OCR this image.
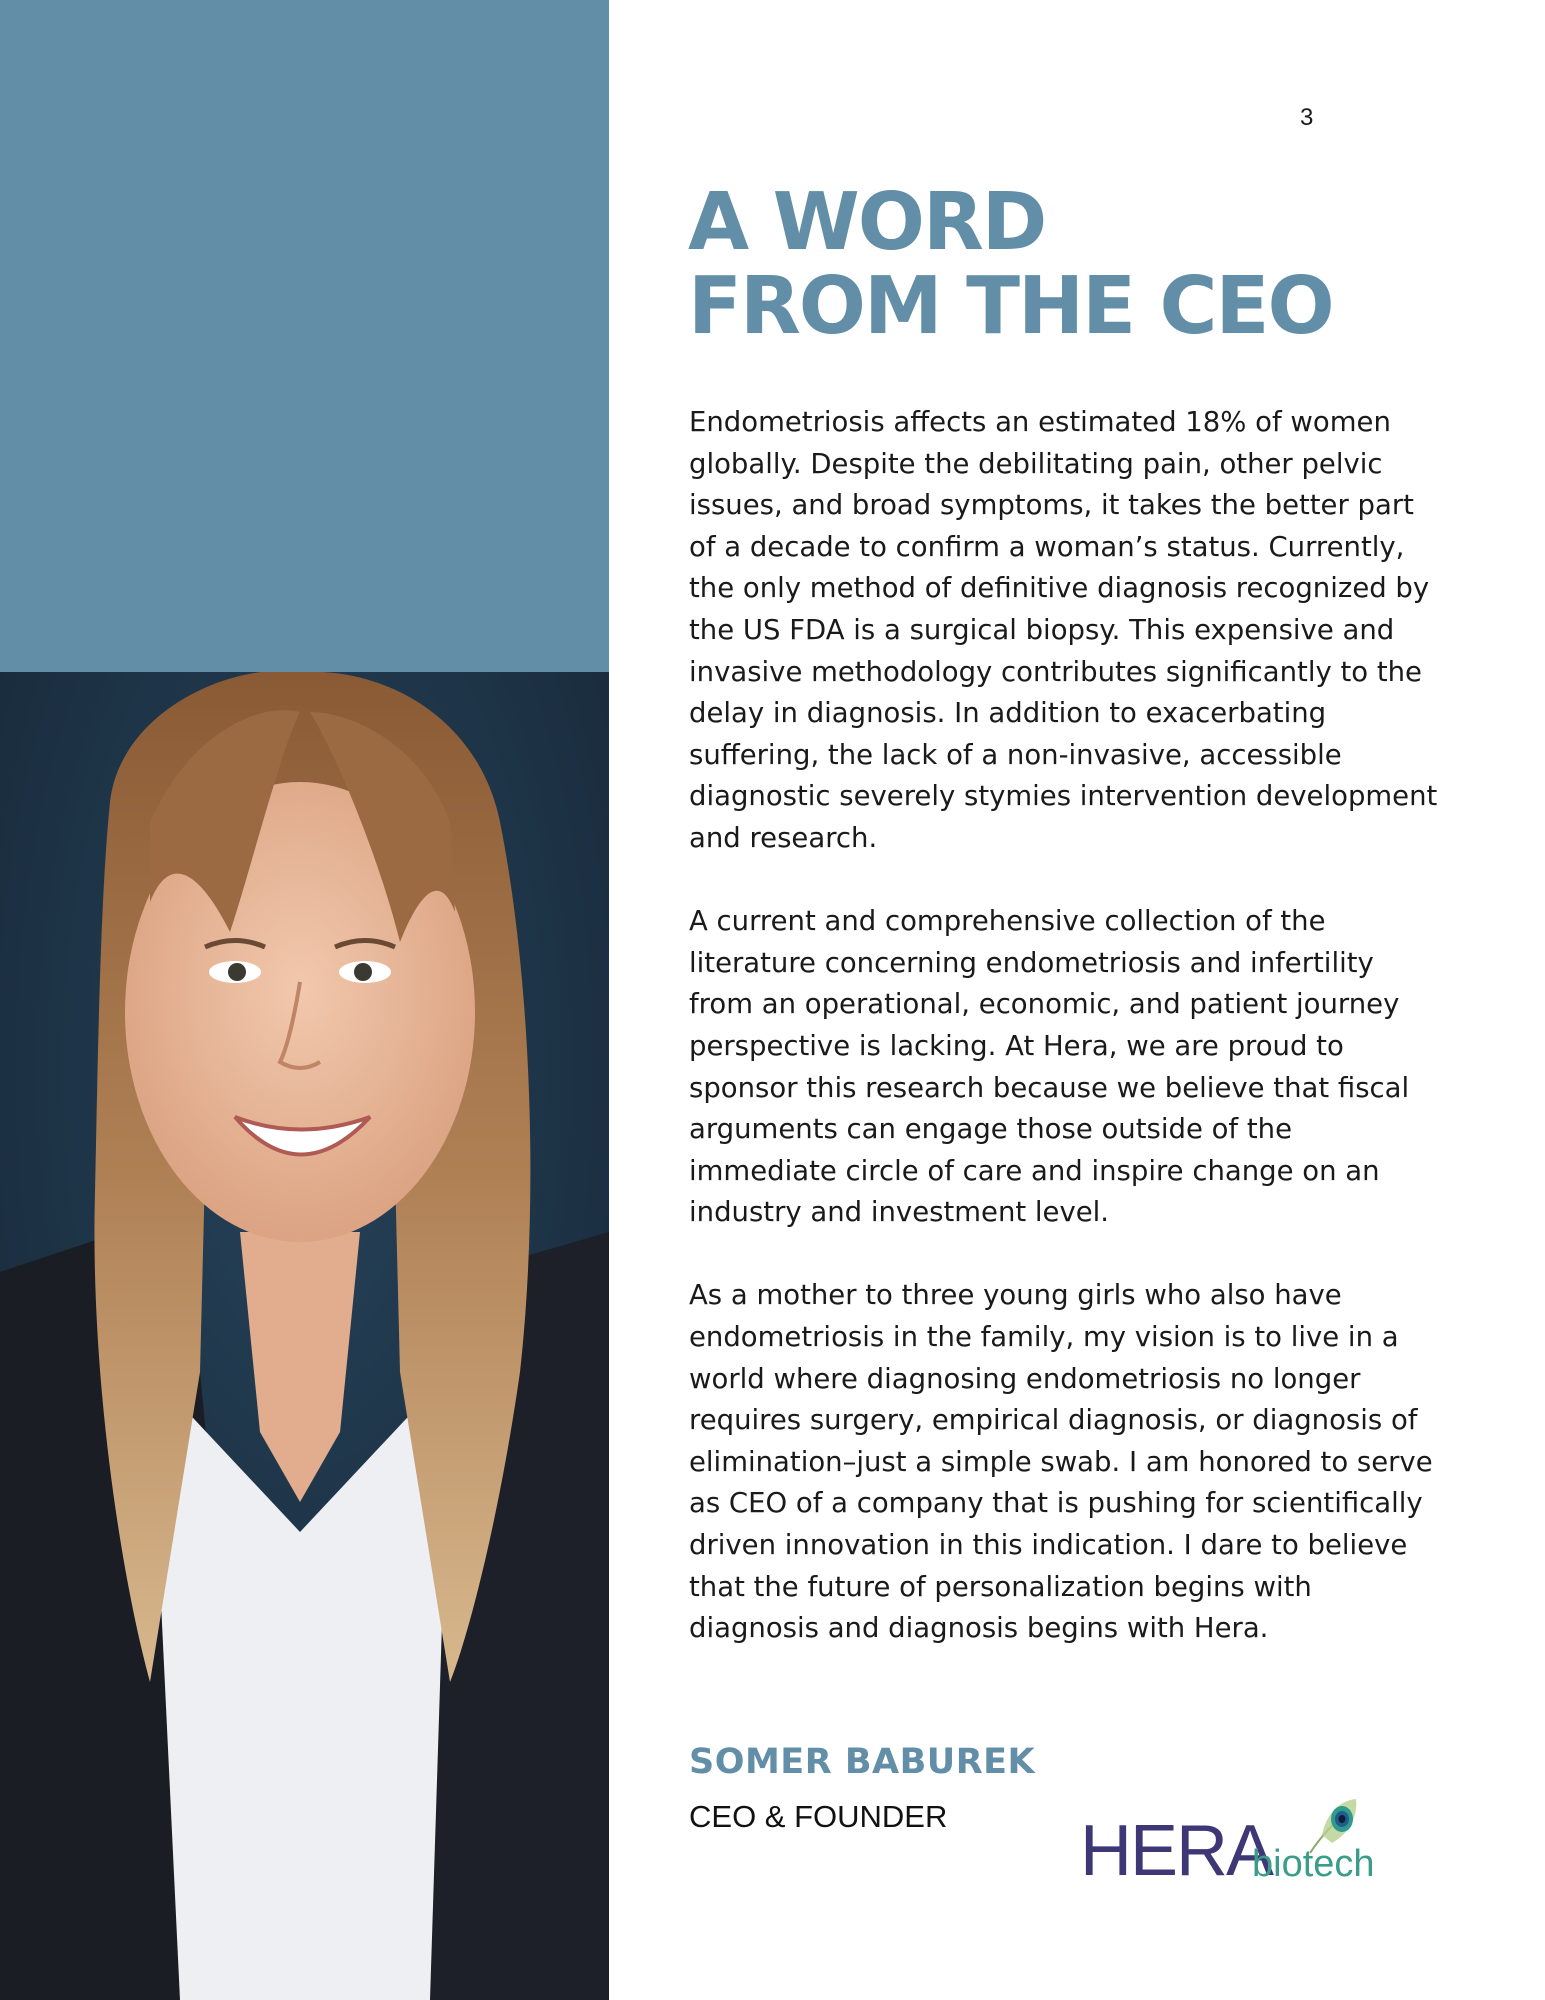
3
A WORD
FROM THE CEO

Endometriosis affects an estimated 18% of women globally. Despite the debilitating pain, other pelvic issues, and broad symptoms, it takes the better part of a decade to confirm a woman’s status. Currently, the only method of definitive diagnosis recognized by the US FDA is a surgical biopsy. This expensive and invasive methodology contributes significantly to the delay in diagnosis. In addition to exacerbating suffering, the lack of a non-invasive, accessible diagnostic severely stymies intervention development and research.

A current and comprehensive collection of the literature concerning endometriosis and infertility from an operational, economic, and patient journey perspective is lacking. At Hera, we are proud to sponsor this research because we believe that fiscal arguments can engage those outside of the immediate circle of care and inspire change on an industry and investment level.

As a mother to three young girls who also have endometriosis in the family, my vision is to live in a world where diagnosing endometriosis no longer requires surgery, empirical diagnosis, or diagnosis of elimination–just a simple swab. I am honored to serve as CEO of a company that is pushing for scientifically driven innovation in this indication. I dare to believe that the future of personalization begins with diagnosis and diagnosis begins with Hera.

SOMER BABUREK
CEO & FOUNDER HERA
biotech
